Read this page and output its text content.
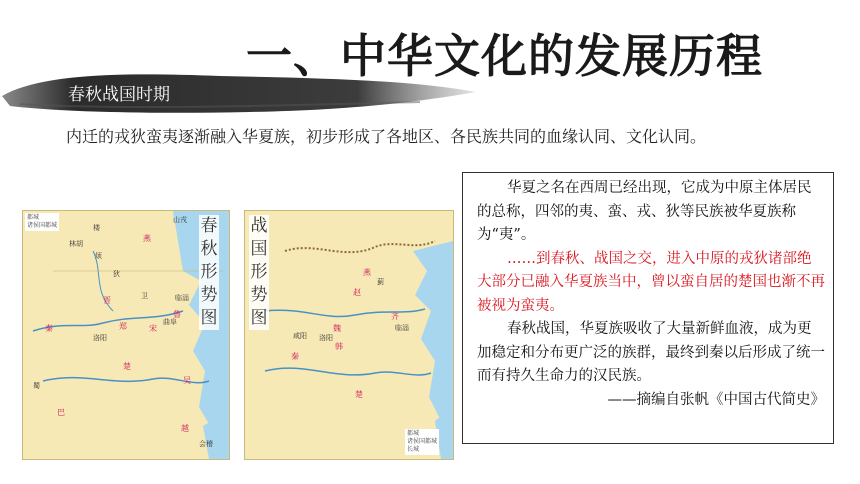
一、中华文化的发展历程
春秋战国时期
内迁的戎狄蛮夷逐渐融入华夏族，初步形成了各地区、各民族共同的血缘认同、文化认同。
都城
诸侯国都城	春秋形势图
山戎
楼
林胡
烦
燕
狄
晋	卫
鲁
秦
洛阳
郑	宋
楚
吴
越
巴
蜀
会稽
临淄
曲阜
战国形势图
都城
诸侯国都城
长城
燕
赵
魏
韩
秦
齐
楚
咸阳 洛阳
临淄
蓟

华夏之名在西周已经出现，它成为中原主体居民的总称，四邻的夷、蛮、戎、狄等民族被华夏族称为“夷”。

……到春秋、战国之交，进入中原的戎狄诸部绝大部分已融入华夏族当中，曾以蛮自居的楚国也渐不再被视为蛮夷。

春秋战国，华夏族吸收了大量新鲜血液，成为更加稳定和分布更广泛的族群，最终到秦以后形成了统一而有持久生命力的汉民族。

——摘编自张帆《中国古代简史》
